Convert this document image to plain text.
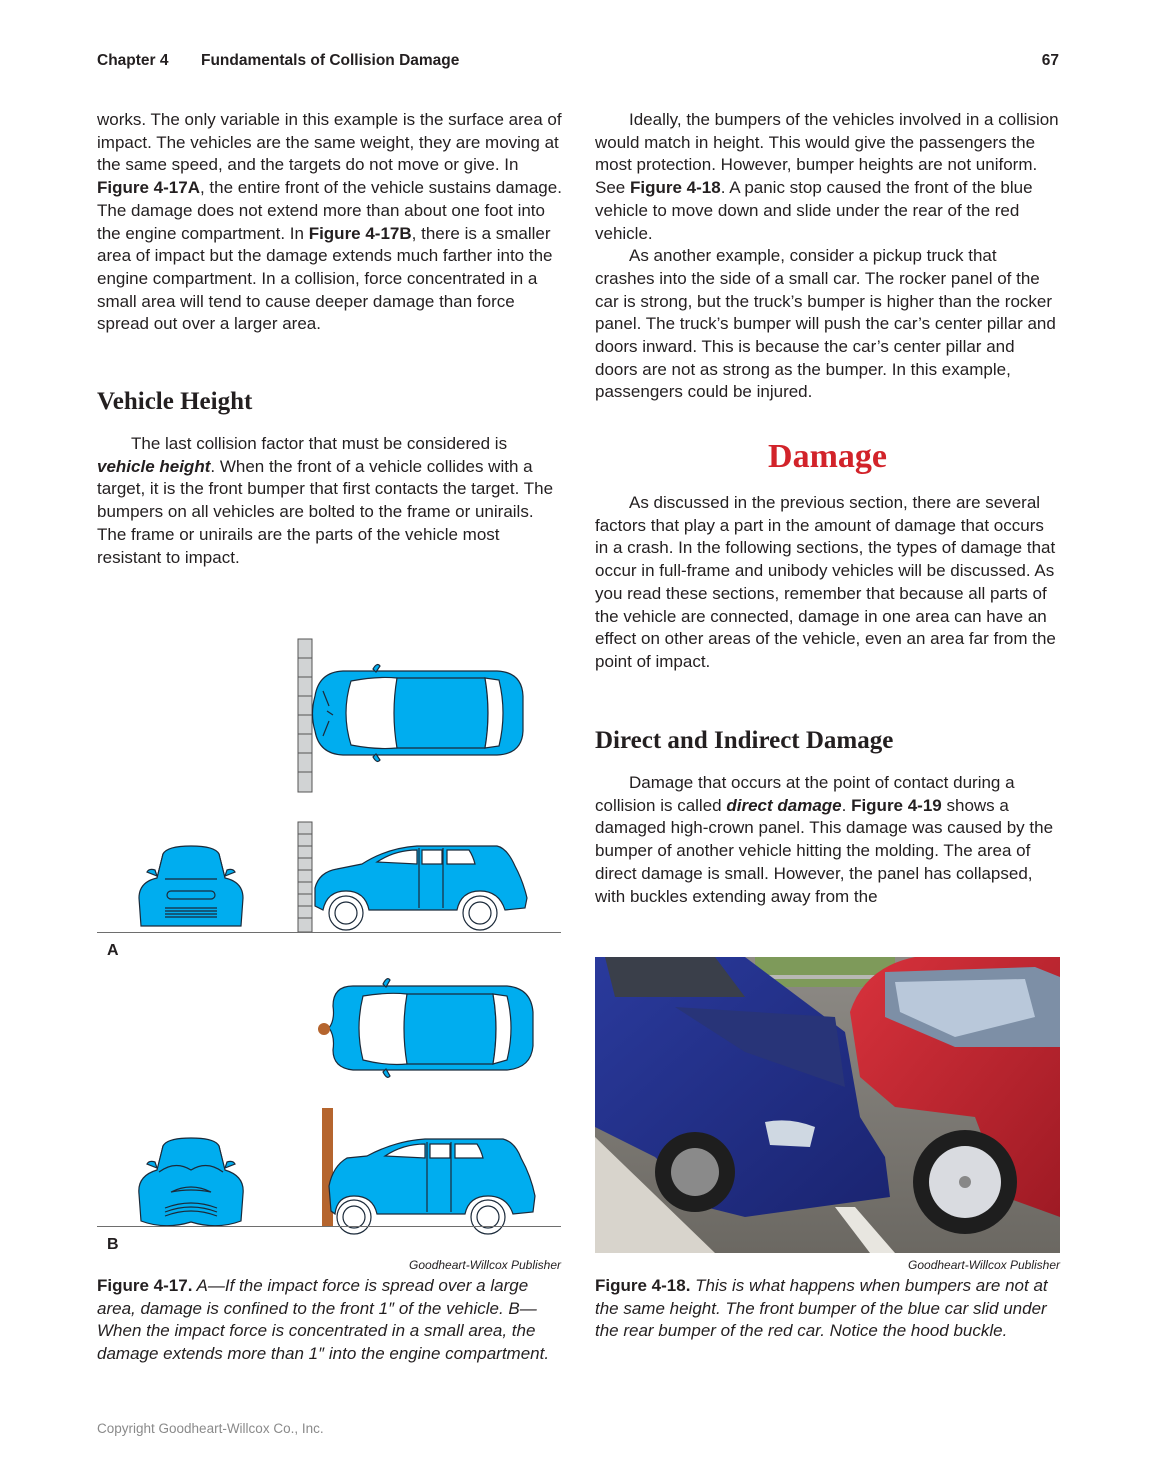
Chapter 4 Fundamentals of Collision Damage	67

works. The only variable in this example is the surface area of impact. The vehicles are the same weight, they are moving at the same speed, and the targets do not move or give. In Figure 4-17A, the entire front of the vehicle sustains damage. The damage does not extend more than about one foot into the engine compartment. In Figure 4-17B, there is a smaller area of impact but the damage extends much farther into the engine compartment. In a collision, force concentrated in a small area will tend to cause deeper damage than force spread out over a larger area.

Vehicle Height

The last collision factor that must be considered is vehicle height. When the front of a vehicle collides with a target, it is the front bumper that first contacts the target. The bumpers on all vehicles are bolted to the frame or unirails. The frame or unirails are the parts of the vehicle most resistant to impact.

A
B
Goodheart-Willcox Publisher
Figure 4-17. A—If the impact force is spread over a large area, damage is confined to the front 1″ of the vehicle. B—When the impact force is concentrated in a small area, the damage extends more than 1″ into the engine compartment.

Ideally, the bumpers of the vehicles involved in a collision would match in height. This would give the passengers the most protection. However, bumper heights are not uniform. See Figure 4-18. A panic stop caused the front of the blue vehicle to move down and slide under the rear of the red vehicle.

As another example, consider a pickup truck that crashes into the side of a small car. The rocker panel of the car is strong, but the truck’s bumper is higher than the rocker panel. The truck’s bumper will push the car’s center pillar and doors inward. This is because the car’s center pillar and doors are not as strong as the bumper. In this example, passengers could be injured.

Damage

As discussed in the previous section, there are several factors that play a part in the amount of damage that occurs in a crash. In the following sections, the types of damage that occur in full-frame and unibody vehicles will be discussed. As you read these sections, remember that because all parts of the vehicle are connected, damage in one area can have an effect on other areas of the vehicle, even an area far from the point of impact.

Direct and Indirect Damage

Damage that occurs at the point of contact during a collision is called direct damage. Figure 4-19 shows a damaged high-crown panel. This damage was caused by the bumper of another vehicle hitting the molding. The area of direct damage is small. However, the panel has collapsed, with buckles extending away from the

Goodheart-Willcox Publisher
Figure 4-18. This is what happens when bumpers are not at the same height. The front bumper of the blue car slid under the rear bumper of the red car. Notice the hood buckle.
Copyright Goodheart-Willcox Co., Inc.
